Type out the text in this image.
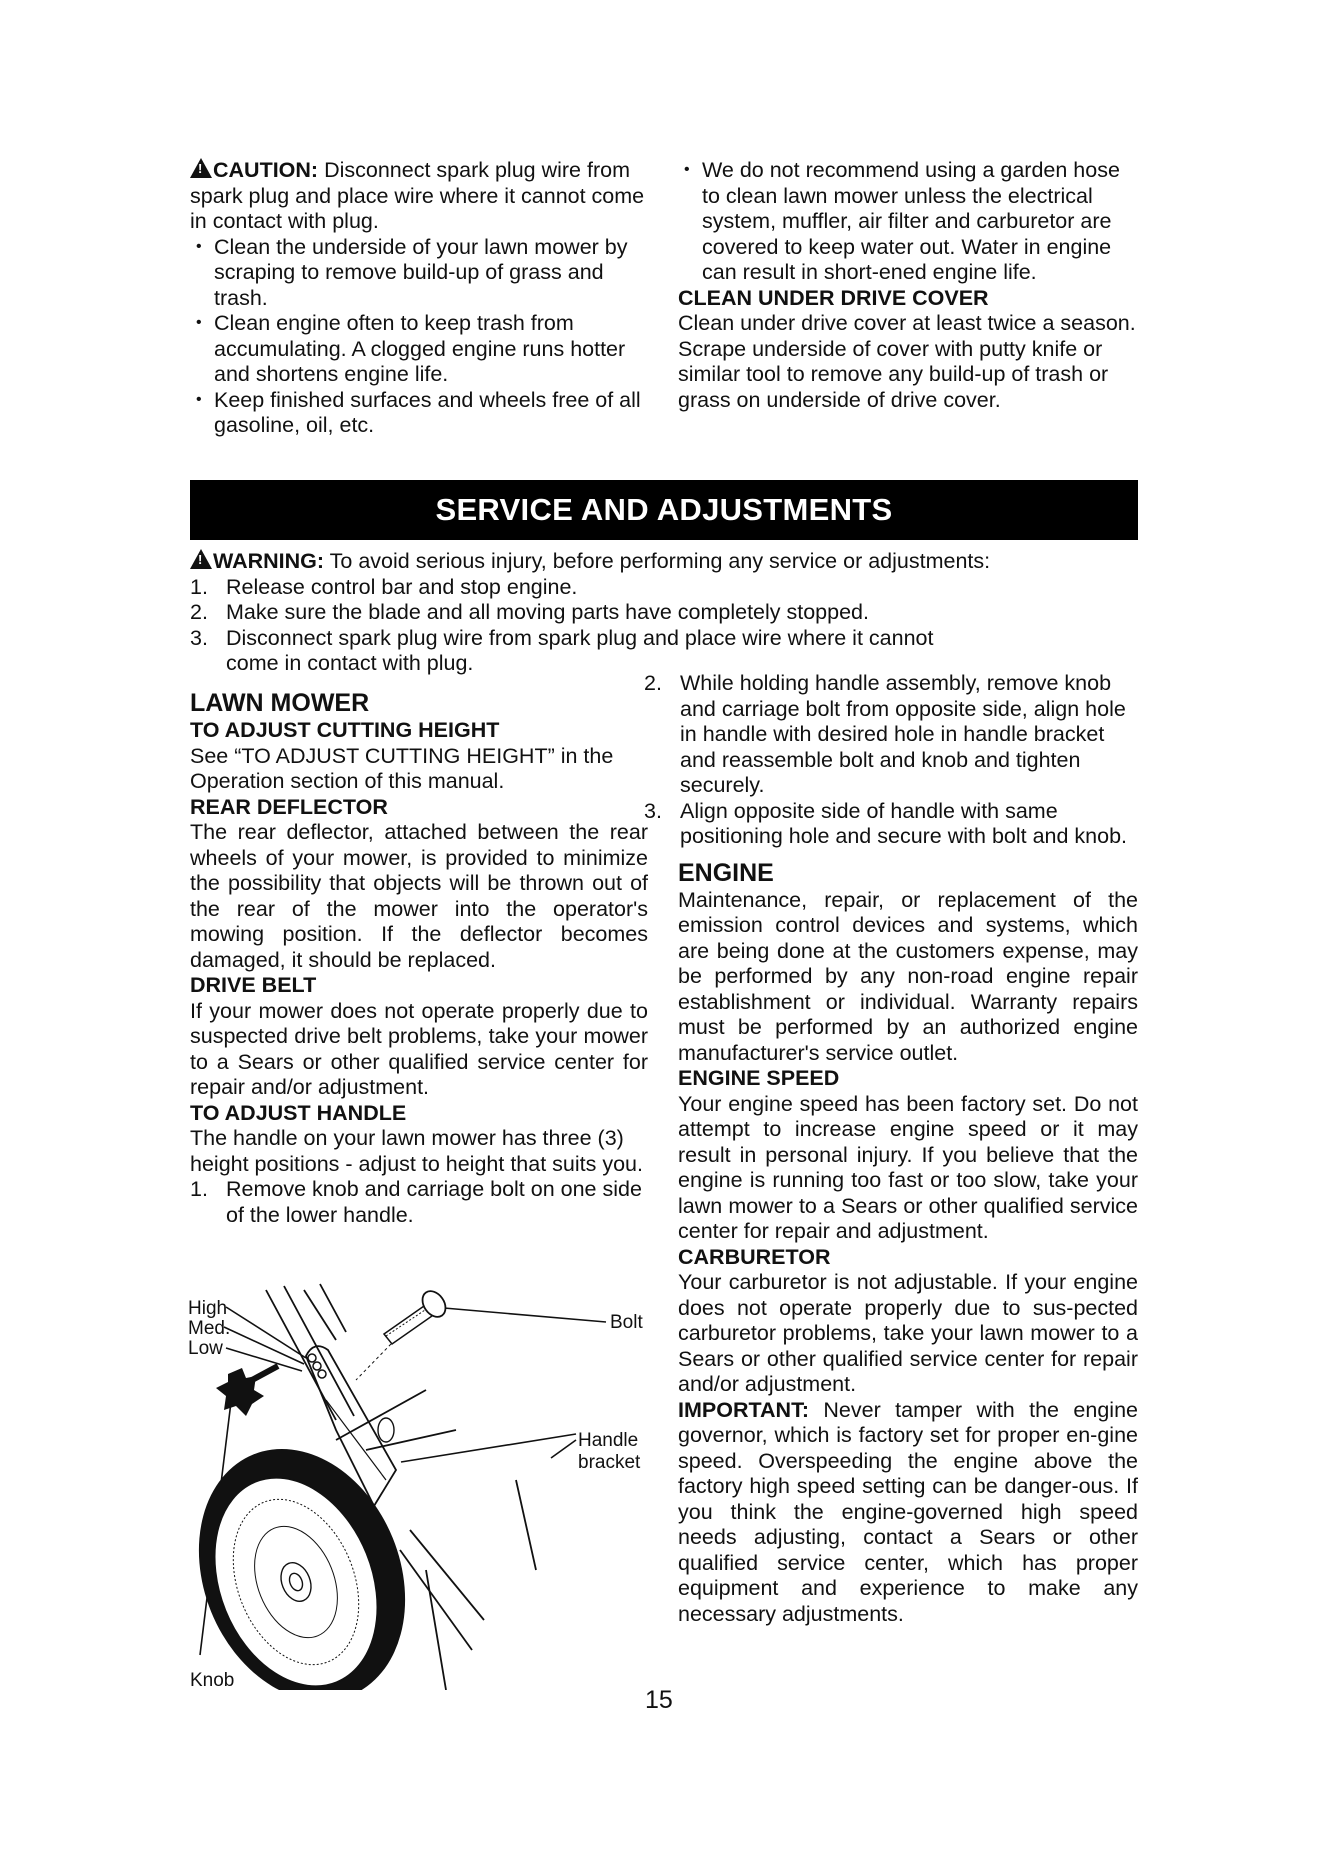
!CAUTION: Disconnect spark plug wire from spark plug and place wire where it cannot come in contact with plug.

• Clean the underside of your lawn mower by scraping to remove build-up of grass and trash.
• Clean engine often to keep trash from accumulating. A clogged engine runs hotter and shortens engine life.
• Keep finished surfaces and wheels free of all gasoline, oil, etc.
• We do not recommend using a garden hose to clean lawn mower unless the electrical system, muffler, air filter and carburetor are covered to keep water out. Water in engine can result in short-ened engine life.

CLEAN UNDER DRIVE COVER

Clean under drive cover at least twice a season. Scrape underside of cover with putty knife or similar tool to remove any build-up of trash or grass on underside of drive cover.

SERVICE AND ADJUSTMENTS

!WARNING: To avoid serious injury, before performing any service or adjustments:

1. Release control bar and stop engine.
2. Make sure the blade and all moving parts have completely stopped.
3. Disconnect spark plug wire from spark plug and place wire where it cannot come in contact with plug.

LAWN MOWER

TO ADJUST CUTTING HEIGHT

See “TO ADJUST CUTTING HEIGHT” in the Operation section of this manual.

REAR DEFLECTOR

The rear deflector, attached between the rear wheels of your mower, is provided to minimize the possibility that objects will be thrown out of the rear of the mower into the operator's mowing position. If the deflector becomes damaged, it should be replaced.

DRIVE BELT

If your mower does not operate properly due to suspected drive belt problems, take your mower to a Sears or other qualified service center for repair and/or adjustment.

TO ADJUST HANDLE

The handle on your lawn mower has three (3) height positions - adjust to height that suits you.

1. Remove knob and carriage bolt on one side of the lower handle.
High
Med.
Low
Bolt
Handle
bracket
Knob
2. While holding handle assembly, remove knob and carriage bolt from opposite side, align hole in handle with desired hole in handle bracket and reassemble bolt and knob and tighten securely.
3. Align opposite side of handle with same positioning hole and secure with bolt and knob.

ENGINE

Maintenance, repair, or replacement of the emission control devices and systems, which are being done at the customers expense, may be performed by any non-road engine repair establishment or individual. Warranty repairs must be performed by an authorized engine manufacturer's service outlet.

ENGINE SPEED

Your engine speed has been factory set. Do not attempt to increase engine speed or it may result in personal injury. If you believe that the engine is running too fast or too slow, take your lawn mower to a Sears or other qualified service center for repair and adjustment.

CARBURETOR

Your carburetor is not adjustable. If your engine does not operate properly due to sus-pected carburetor problems, take your lawn mower to a Sears or other qualified service center for repair and/or adjustment.

IMPORTANT: Never tamper with the engine governor, which is factory set for proper en-gine speed. Overspeeding the engine above the factory high speed setting can be danger-ous. If you think the engine-governed high speed needs adjusting, contact a Sears or other qualified service center, which has proper equipment and experience to make any necessary adjustments.

15
